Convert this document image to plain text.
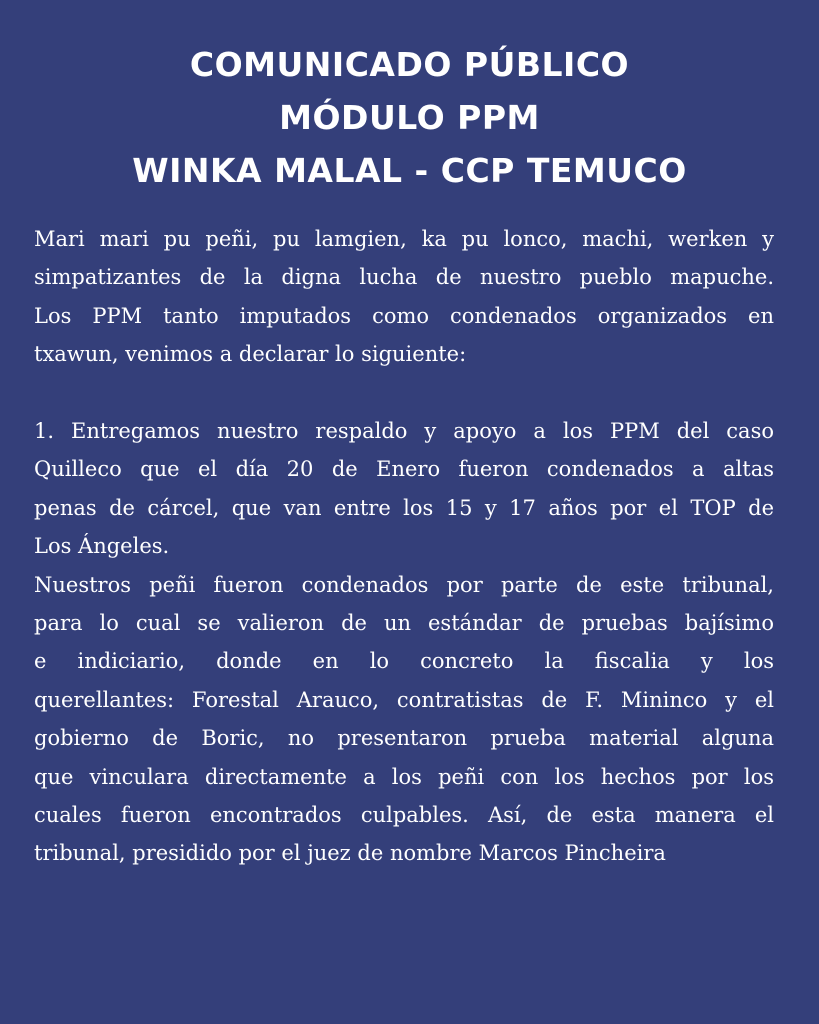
COMUNICADO PÚBLICO
MÓDULO PPM
WINKA MALAL - CCP TEMUCO
Mari mari pu peñi, pu lamgien, ka pu lonco, machi, werken y
simpatizantes de la digna lucha de nuestro pueblo mapuche.
Los PPM tanto imputados como condenados organizados en
txawun, venimos a declarar lo siguiente:
1. Entregamos nuestro respaldo y apoyo a los PPM del caso
Quilleco que el día 20 de Enero fueron condenados a altas
penas de cárcel, que van entre los 15 y 17 años por el TOP de
Los Ángeles.
Nuestros peñi fueron condenados por parte de este tribunal,
para lo cual se valieron de un estándar de pruebas bajísimo
e indiciario, donde en lo concreto la fiscalia y los
querellantes: Forestal Arauco, contratistas de F. Mininco y el
gobierno de Boric, no presentaron prueba material alguna
que vinculara directamente a los peñi con los hechos por los
cuales fueron encontrados culpables. Así, de esta manera el
tribunal, presidido por el juez de nombre Marcos Pincheira
